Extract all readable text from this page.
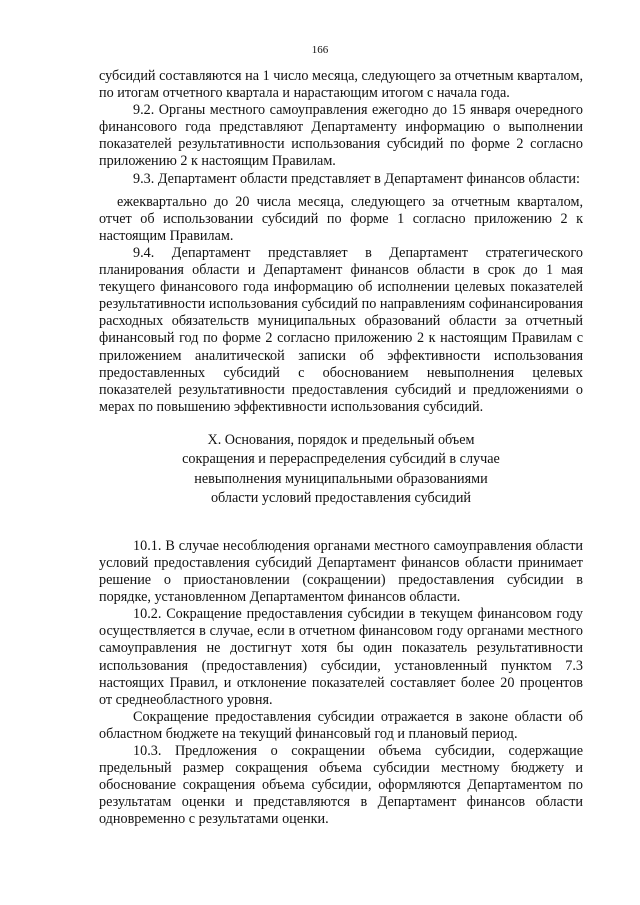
166

субсидий составляются на 1 число месяца, следующего за отчетным кварталом, по итогам отчетного квартала и нарастающим итогом с начала года.

9.2. Органы местного самоуправления ежегодно до 15 января очередного финансового года представляют Департаменту информацию о выполнении показателей результативности использования субсидий по форме 2 согласно приложению 2 к настоящим Правилам.

9.3. Департамент области представляет в Департамент финансов области:

ежеквартально до 20 числа месяца, следующего за отчетным кварталом, отчет об использовании субсидий по форме 1 согласно приложению 2 к настоящим Правилам.

9.4. Департамент представляет в Департамент стратегического планирования области и Департамент финансов области в срок до 1 мая текущего финансового года информацию об исполнении целевых показателей результативности использования субсидий по направлениям софинансирования расходных обязательств муниципальных образований области за отчетный финансовый год по форме 2 согласно приложению 2 к настоящим Правилам с приложением аналитической записки об эффективности использования предоставленных субсидий с обоснованием невыполнения целевых показателей результативности предоставления субсидий и предложениями о мерах по повышению эффективности использования субсидий.

X. Основания, порядок и предельный объем

сокращения и перераспределения субсидий в случае

невыполнения муниципальными образованиями

области условий предоставления субсидий

10.1. В случае несоблюдения органами местного самоуправления области условий предоставления субсидий Департамент финансов области принимает решение о приостановлении (сокращении) предоставления субсидии в порядке, установленном Департаментом финансов области.

10.2. Сокращение предоставления субсидии в текущем финансовом году осуществляется в случае, если в отчетном финансовом году органами местного самоуправления не достигнут хотя бы один показатель результативности использования (предоставления) субсидии, установленный пунктом 7.3 настоящих Правил, и отклонение показателей составляет более 20 процентов от среднеобластного уровня.

Сокращение предоставления субсидии отражается в законе области об областном бюджете на текущий финансовый год и плановый период.

10.3. Предложения о сокращении объема субсидии, содержащие предельный размер сокращения объема субсидии местному бюджету и обоснование сокращения объема субсидии, оформляются Департаментом по результатам оценки и представляются в Департамент финансов области одновременно с результатами оценки.
